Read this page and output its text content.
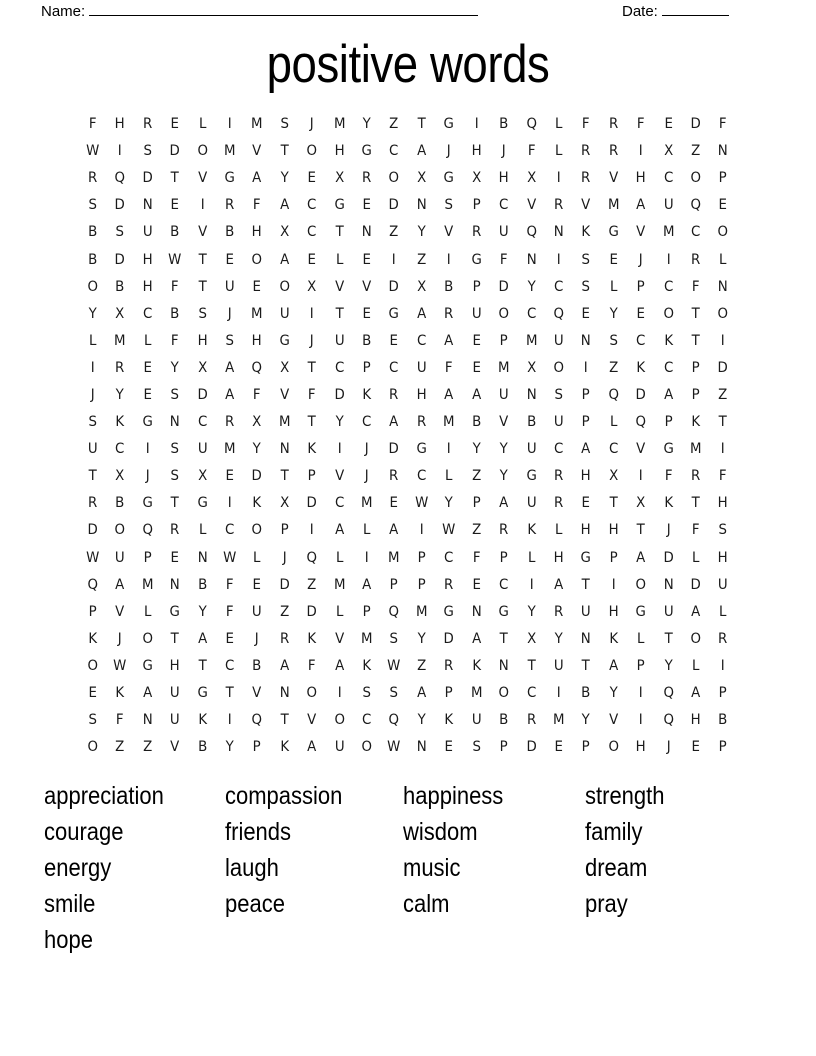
Name:	Date:
positive words
F	H	R	E	L	I	M	S	J	M	Y	Z	T	G	I	B	Q	L	F	R	F	E	D	F
W	I	S	D	O	M	V	T	O	H	G	C	A	J	H	J	F	L	R	R	I	X	Z	N
R	Q	D	T	V	G	A	Y	E	X	R	O	X	G	X	H	X	I	R	V	H	C	O	P
S	D	N	E	I	R	F	A	C	G	E	D	N	S	P	C	V	R	V	M	A	U	Q	E
B	S	U	B	V	B	H	X	C	T	N	Z	Y	V	R	U	Q	N	K	G	V	M	C	O
B	D	H	W	T	E	O	A	E	L	E	I	Z	I	G	F	N	I	S	E	J	I	R	L
O	B	H	F	T	U	E	O	X	V	V	D	X	B	P	D	Y	C	S	L	P	C	F	N
Y	X	C	B	S	J	M	U	I	T	E	G	A	R	U	O	C	Q	E	Y	E	O	T	O
L	M	L	F	H	S	H	G	J	U	B	E	C	A	E	P	M	U	N	S	C	K	T	I
I	R	E	Y	X	A	Q	X	T	C	P	C	U	F	E	M	X	O	I	Z	K	C	P	D
J	Y	E	S	D	A	F	V	F	D	K	R	H	A	A	U	N	S	P	Q	D	A	P	Z
S	K	G	N	C	R	X	M	T	Y	C	A	R	M	B	V	B	U	P	L	Q	P	K	T
U	C	I	S	U	M	Y	N	K	I	J	D	G	I	Y	Y	U	C	A	C	V	G	M	I
T	X	J	S	X	E	D	T	P	V	J	R	C	L	Z	Y	G	R	H	X	I	F	R	F
R	B	G	T	G	I	K	X	D	C	M	E	W	Y	P	A	U	R	E	T	X	K	T	H
D	O	Q	R	L	C	O	P	I	A	L	A	I	W	Z	R	K	L	H	H	T	J	F	S
W	U	P	E	N	W	L	J	Q	L	I	M	P	C	F	P	L	H	G	P	A	D	L	H
Q	A	M	N	B	F	E	D	Z	M	A	P	P	R	E	C	I	A	T	I	O	N	D	U
P	V	L	G	Y	F	U	Z	D	L	P	Q	M	G	N	G	Y	R	U	H	G	U	A	L
K	J	O	T	A	E	J	R	K	V	M	S	Y	D	A	T	X	Y	N	K	L	T	O	R
O	W	G	H	T	C	B	A	F	A	K	W	Z	R	K	N	T	U	T	A	P	Y	L	I
E	K	A	U	G	T	V	N	O	I	S	S	A	P	M	O	C	I	B	Y	I	Q	A	P
S	F	N	U	K	I	Q	T	V	O	C	Q	Y	K	U	B	R	M	Y	V	I	Q	H	B
O	Z	Z	V	B	Y	P	K	A	U	O	W	N	E	S	P	D	E	P	O	H	J	E	P
appreciation
courage
energy
smile
hope
compassion
friends
laugh
peace
happiness
wisdom
music
calm
strength
family
dream
pray
